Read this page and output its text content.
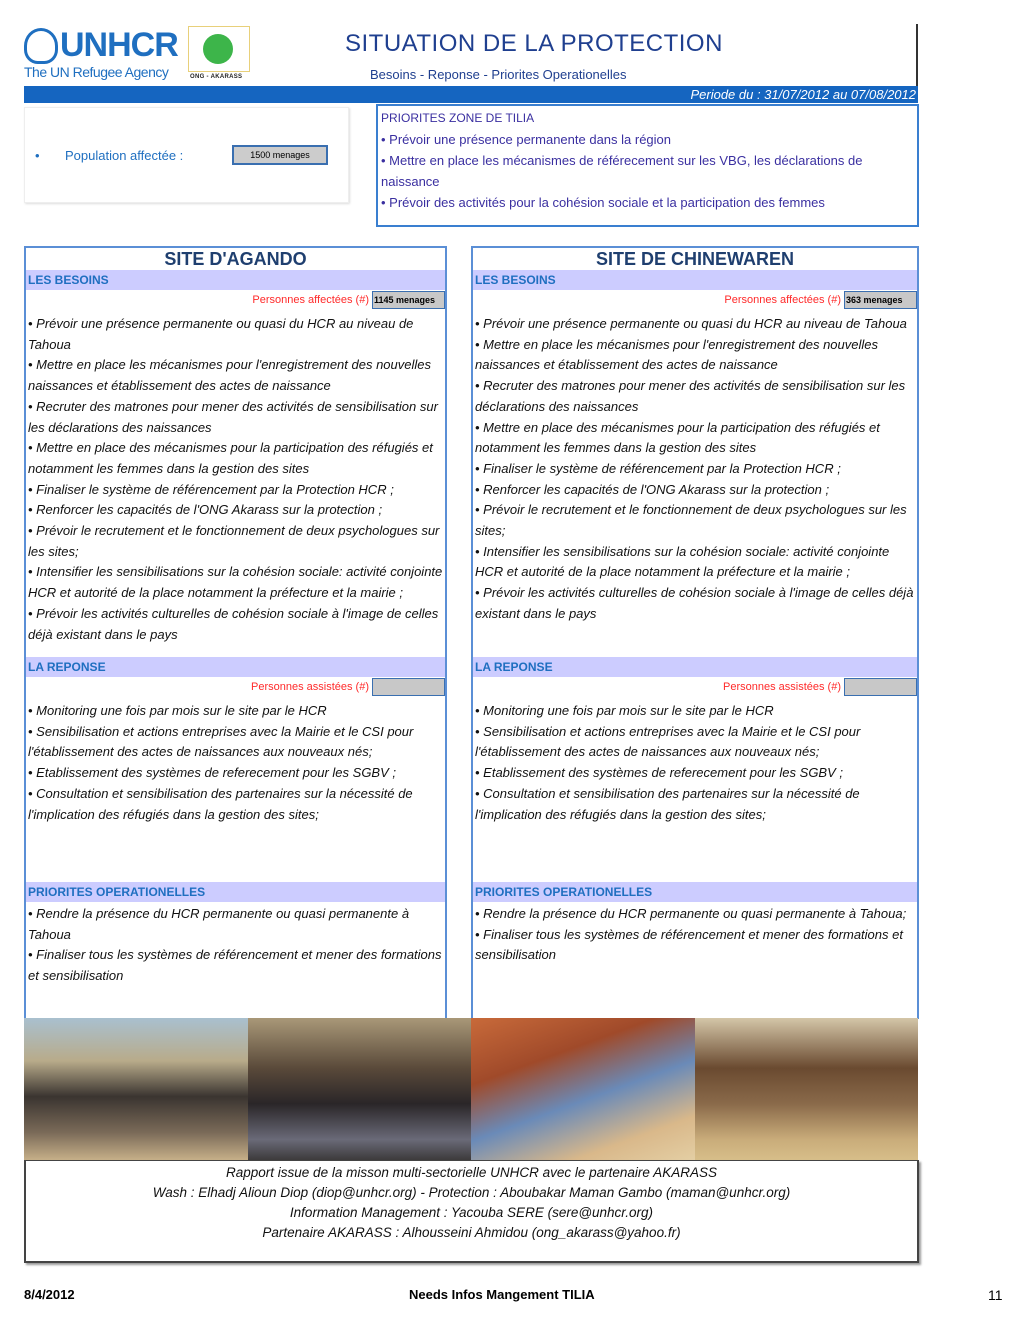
UNHCR
The UN Refugee Agency	ONG - AKARASS
SITUATION DE LA PROTECTION
Besoins - Reponse - Priorites Operationelles
Periode du : 31/07/2012 au 07/08/2012
• Population affectée :	1500 menages
PRIORITES ZONE DE TILIA
• Prévoir une présence permanente dans la région
• Mettre en place les mécanismes de référecement sur les VBG, les déclarations de naissance
• Prévoir des activités pour la cohésion sociale et la participation des femmes
SITE D'AGANDO
LES BESOINS
Personnes affectées (#) 1145 menages
• Prévoir une présence permanente ou quasi du HCR au niveau de Tahoua
• Mettre en place les mécanismes pour l'enregistrement des nouvelles naissances et établissement des actes de naissance
• Recruter des matrones pour mener des activités de sensibilisation sur les déclarations des naissances
• Mettre en place des mécanismes pour la participation des réfugiés et notamment les femmes dans la gestion des sites
• Finaliser le système de référencement par la Protection HCR ;
• Renforcer les capacités de l'ONG Akarass sur la protection ;
• Prévoir le recrutement et le fonctionnement de deux psychologues sur les sites;
• Intensifier les sensibilisations sur la cohésion sociale: activité conjointe HCR et autorité de la place notamment la préfecture et la mairie ;
• Prévoir les activités culturelles de cohésion sociale à l'image de celles déjà existant dans le pays
LA REPONSE
Personnes assistées (#)
• Monitoring une fois par mois sur le site par le HCR
• Sensibilisation et actions entreprises avec la Mairie et le CSI pour l'établissement des actes de naissances aux nouveaux nés;
• Etablissement des systèmes de referecement pour les SGBV ;
• Consultation et sensibilisation des partenaires sur la nécessité de l'implication des réfugiés dans la gestion des sites;
PRIORITES OPERATIONELLES
• Rendre la présence du HCR permanente ou quasi permanente à Tahoua
• Finaliser tous les systèmes de référencement et mener des formations et sensibilisation
SITE DE CHINEWAREN
LES BESOINS
Personnes affectées (#) 363 menages
• Prévoir une présence permanente ou quasi du HCR au niveau de Tahoua
• Mettre en place les mécanismes pour l'enregistrement des nouvelles naissances et établissement des actes de naissance
• Recruter des matrones pour mener des activités de sensibilisation sur les déclarations des naissances
• Mettre en place des mécanismes pour la participation des réfugiés et notamment les femmes dans la gestion des sites
• Finaliser le système de référencement par la Protection HCR ;
• Renforcer les capacités de l'ONG Akarass sur la protection ;
• Prévoir le recrutement et le fonctionnement de deux psychologues sur les sites;
• Intensifier les sensibilisations sur la cohésion sociale: activité conjointe HCR et autorité de la place notamment la préfecture et la mairie ;
• Prévoir les activités culturelles de cohésion sociale à l'image de celles déjà existant dans le pays
LA REPONSE
Personnes assistées (#)
• Monitoring une fois par mois sur le site par le HCR
• Sensibilisation et actions entreprises avec la Mairie et le CSI pour l'établissement des actes de naissances aux nouveaux nés;
• Etablissement des systèmes de referecement pour les SGBV ;
• Consultation et sensibilisation des partenaires sur la nécessité de l'implication des réfugiés dans la gestion des sites;
PRIORITES OPERATIONELLES
• Rendre la présence du HCR permanente ou quasi permanente à Tahoua;
• Finaliser tous les systèmes de référencement et mener des formations et sensibilisation
Rapport issue de la misson multi-sectorielle UNHCR avec le partenaire AKARASS
Wash : Elhadj Alioun Diop (diop@unhcr.org) - Protection : Aboubakar Maman Gambo (maman@unhcr.org)
Information Management : Yacouba SERE (sere@unhcr.org)
Partenaire AKARASS : Alhousseini Ahmidou (ong_akarass@yahoo.fr)
8/4/2012	Needs Infos Mangement TILIA	11
